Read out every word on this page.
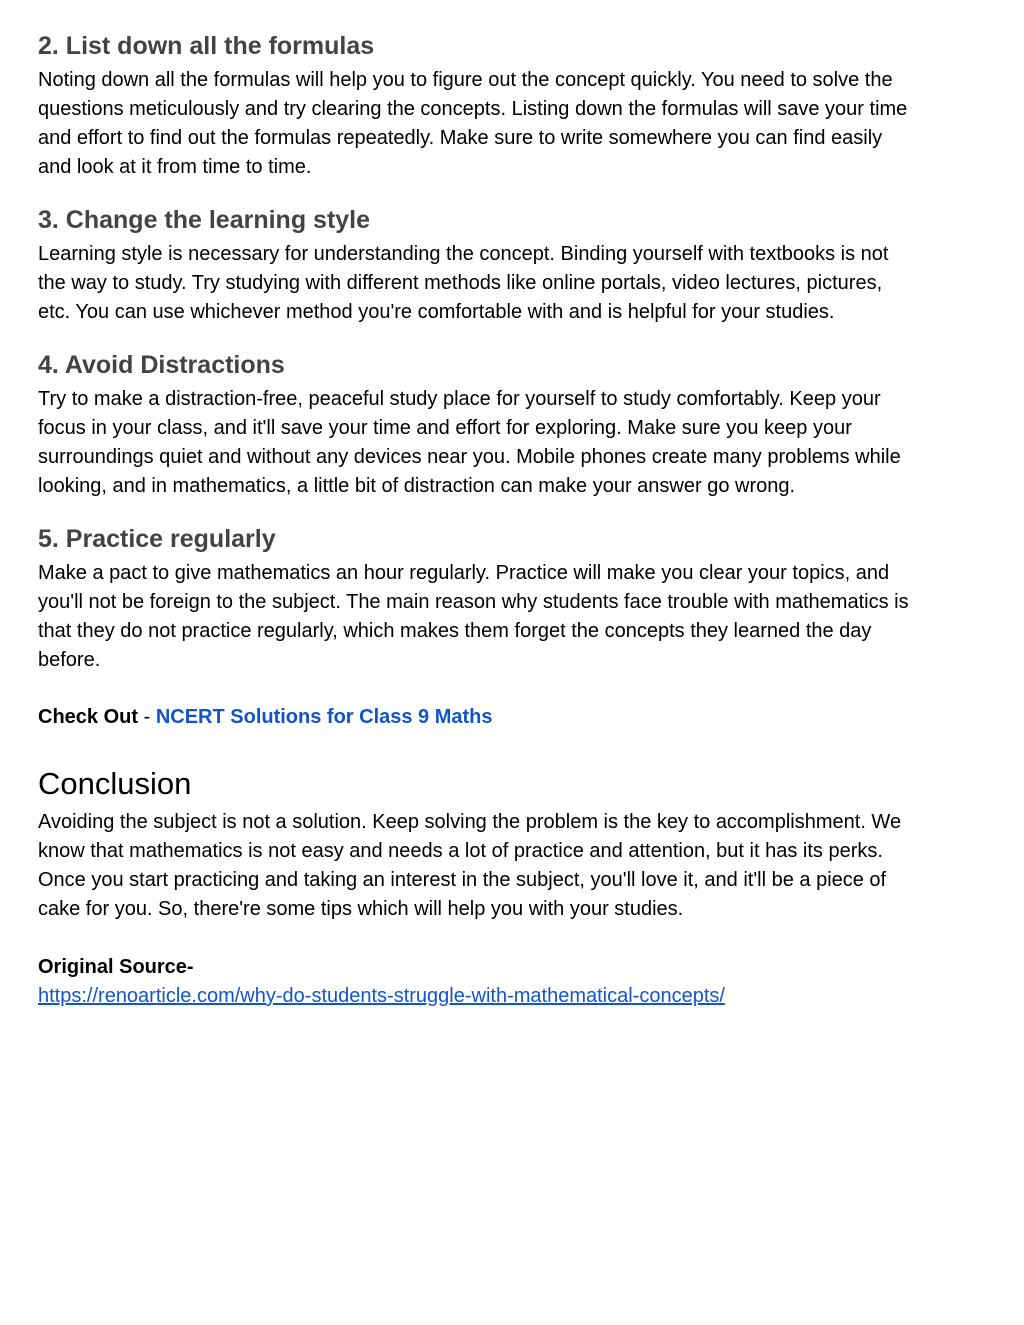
2. List down all the formulas

Noting down all the formulas will help you to figure out the concept quickly. You need to solve the questions meticulously and try clearing the concepts. Listing down the formulas will save your time and effort to find out the formulas repeatedly. Make sure to write somewhere you can find easily and look at it from time to time.

3. Change the learning style

Learning style is necessary for understanding the concept. Binding yourself with textbooks is not the way to study. Try studying with different methods like online portals, video lectures, pictures, etc. You can use whichever method you're comfortable with and is helpful for your studies.

4. Avoid Distractions

Try to make a distraction-free, peaceful study place for yourself to study comfortably. Keep your focus in your class, and it'll save your time and effort for exploring. Make sure you keep your surroundings quiet and without any devices near you. Mobile phones create many problems while looking, and in mathematics, a little bit of distraction can make your answer go wrong.

5. Practice regularly

Make a pact to give mathematics an hour regularly. Practice will make you clear your topics, and you'll not be foreign to the subject. The main reason why students face trouble with mathematics is that they do not practice regularly, which makes them forget the concepts they learned the day before.

Check Out - NCERT Solutions for Class 9 Maths
Conclusion

Avoiding the subject is not a solution. Keep solving the problem is the key to accomplishment. We know that mathematics is not easy and needs a lot of practice and attention, but it has its perks. Once you start practicing and taking an interest in the subject, you'll love it, and it'll be a piece of cake for you. So, there're some tips which will help you with your studies.

Original Source-
https://renoarticle.com/why-do-students-struggle-with-mathematical-concepts/
